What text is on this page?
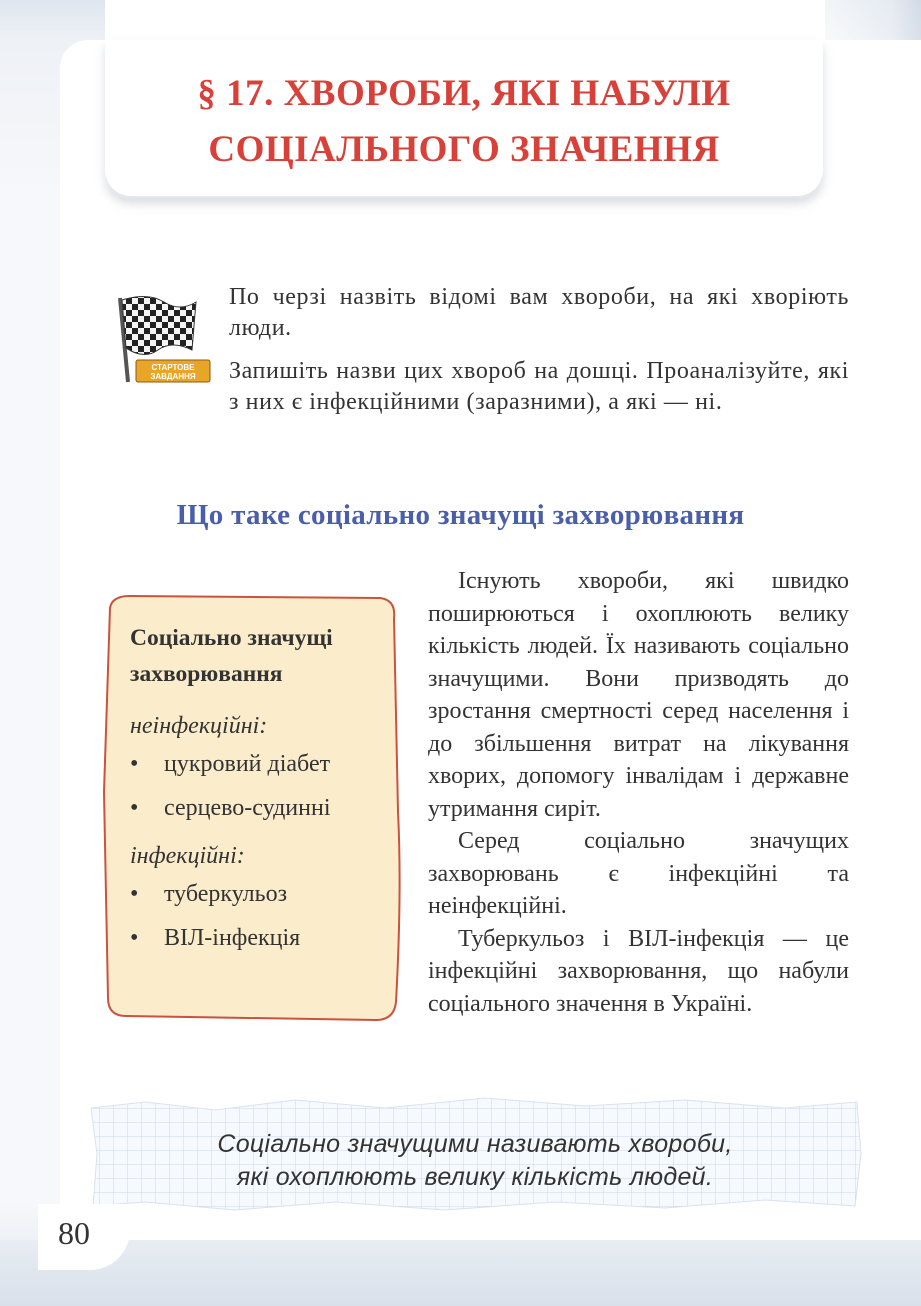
§ 17. ХВОРОБИ, ЯКІ НАБУЛИ
СОЦІАЛЬНОГО ЗНАЧЕННЯ
СТАРТОВЕ
ЗАВДАННЯ

По черзі назвіть відомі вам хвороби, на які хворіють люди.

Запишіть назви цих хвороб на дошці. Проаналізуйте, які з них є інфекційними (заразними), а які — ні.

Що таке соціально значущі захворювання
Соціально значущі
захворювання
неінфекційні:
•	цукровий діабет
•	серцево-судинні
інфекційні:
•	туберкульоз
•	ВІЛ-інфекція

Існують хвороби, які швидко поширюються і охоплюють велику кількість людей. Їх називають соціально значущими. Вони призводять до зростання смертності серед населення і до збільшення витрат на лікування хворих, допомогу інвалідам і державне утримання сиріт.

Серед соціально значущих захворювань є інфекційні та неінфекційні.

Туберкульоз і ВІЛ-інфекція — це інфекційні захворювання, що набули соціального значення в Україні.

Соціально значущими називають хвороби,
які охоплюють велику кількість людей.
80
